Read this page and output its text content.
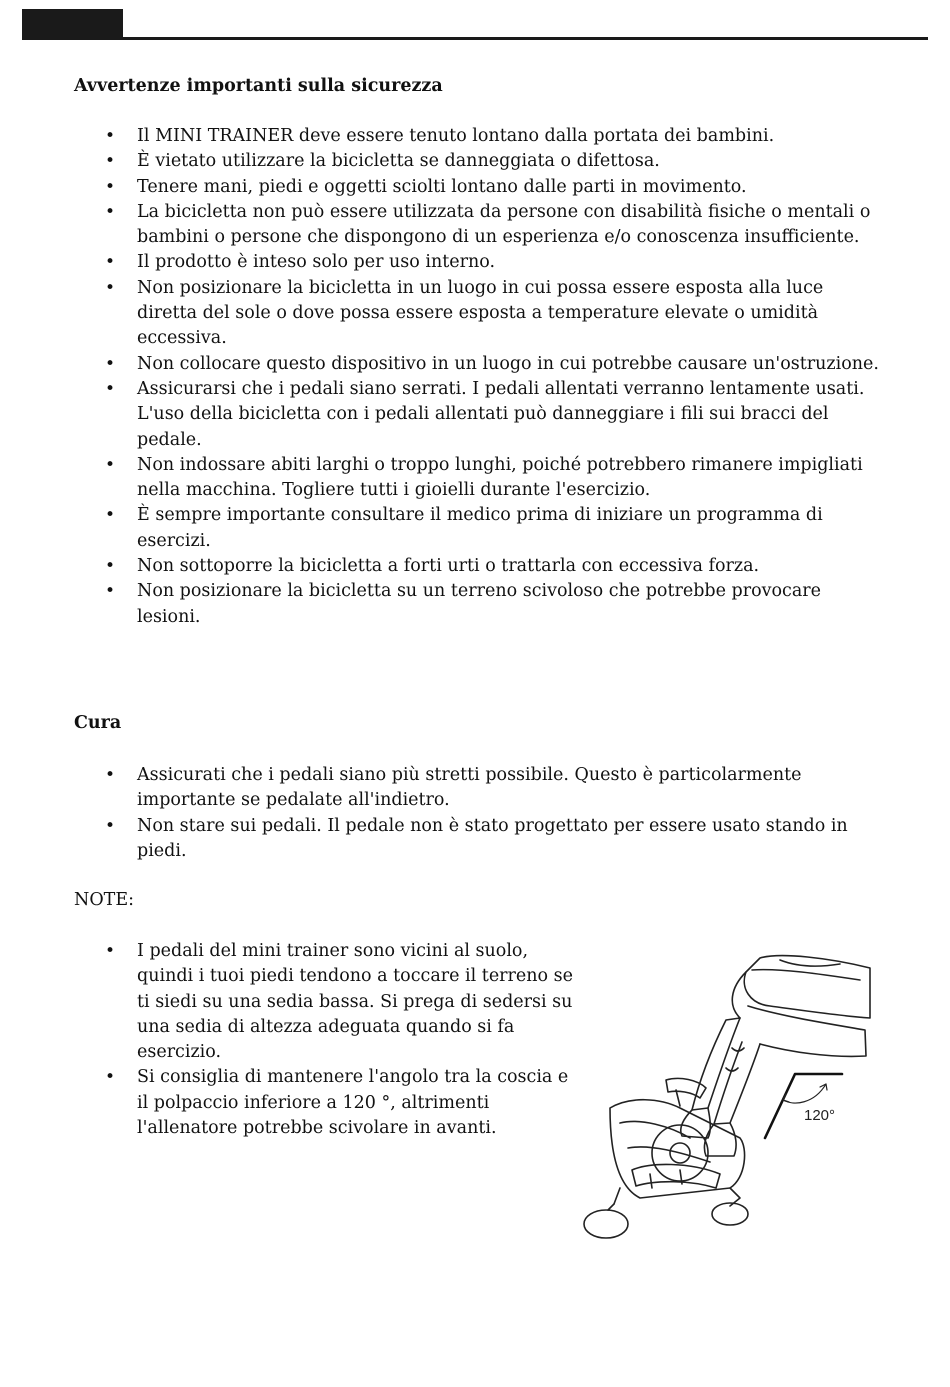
Avvertenze importanti sulla sicurezza
• Il MINI TRAINER deve essere tenuto lontano dalla portata dei bambini.
• È vietato utilizzare la bicicletta se danneggiata o difettosa.
• Tenere mani, piedi e oggetti sciolti lontano dalle parti in movimento.
• La bicicletta non può essere utilizzata da persone con disabilità fisiche o mentali o bambini o persone che dispongono di un esperienza e/o conoscenza insufficiente.
• Il prodotto è inteso solo per uso interno.
• Non posizionare la bicicletta in un luogo in cui possa essere esposta alla luce diretta del sole o dove possa essere esposta a temperature elevate o umidità eccessiva.
• Non collocare questo dispositivo in un luogo in cui potrebbe causare un'ostruzione.
• Assicurarsi che i pedali siano serrati. I pedali allentati verranno lentamente usati. L'uso della bicicletta con i pedali allentati può danneggiare i fili sui bracci del pedale.
• Non indossare abiti larghi o troppo lunghi, poiché potrebbero rimanere impigliati nella macchina. Togliere tutti i gioielli durante l'esercizio.
• È sempre importante consultare il medico prima di iniziare un programma di esercizi.
• Non sottoporre la bicicletta a forti urti o trattarla con eccessiva forza.
• Non posizionare la bicicletta su un terreno scivoloso che potrebbe provocare lesioni.
Cura
• Assicurati che i pedali siano più stretti possibile. Questo è particolarmente importante se pedalate all'indietro.
• Non stare sui pedali. Il pedale non è stato progettato per essere usato stando in piedi.

NOTE:

• I pedali del mini trainer sono vicini al suolo, quindi i tuoi piedi tendono a toccare il terreno se ti siedi su una sedia bassa. Si prega di sedersi su una sedia di altezza adeguata quando si fa esercizio.
• Si consiglia di mantenere l'angolo tra la coscia e il polpaccio inferiore a 120 °, altrimenti l'allenatore potrebbe scivolare in avanti.
120°
